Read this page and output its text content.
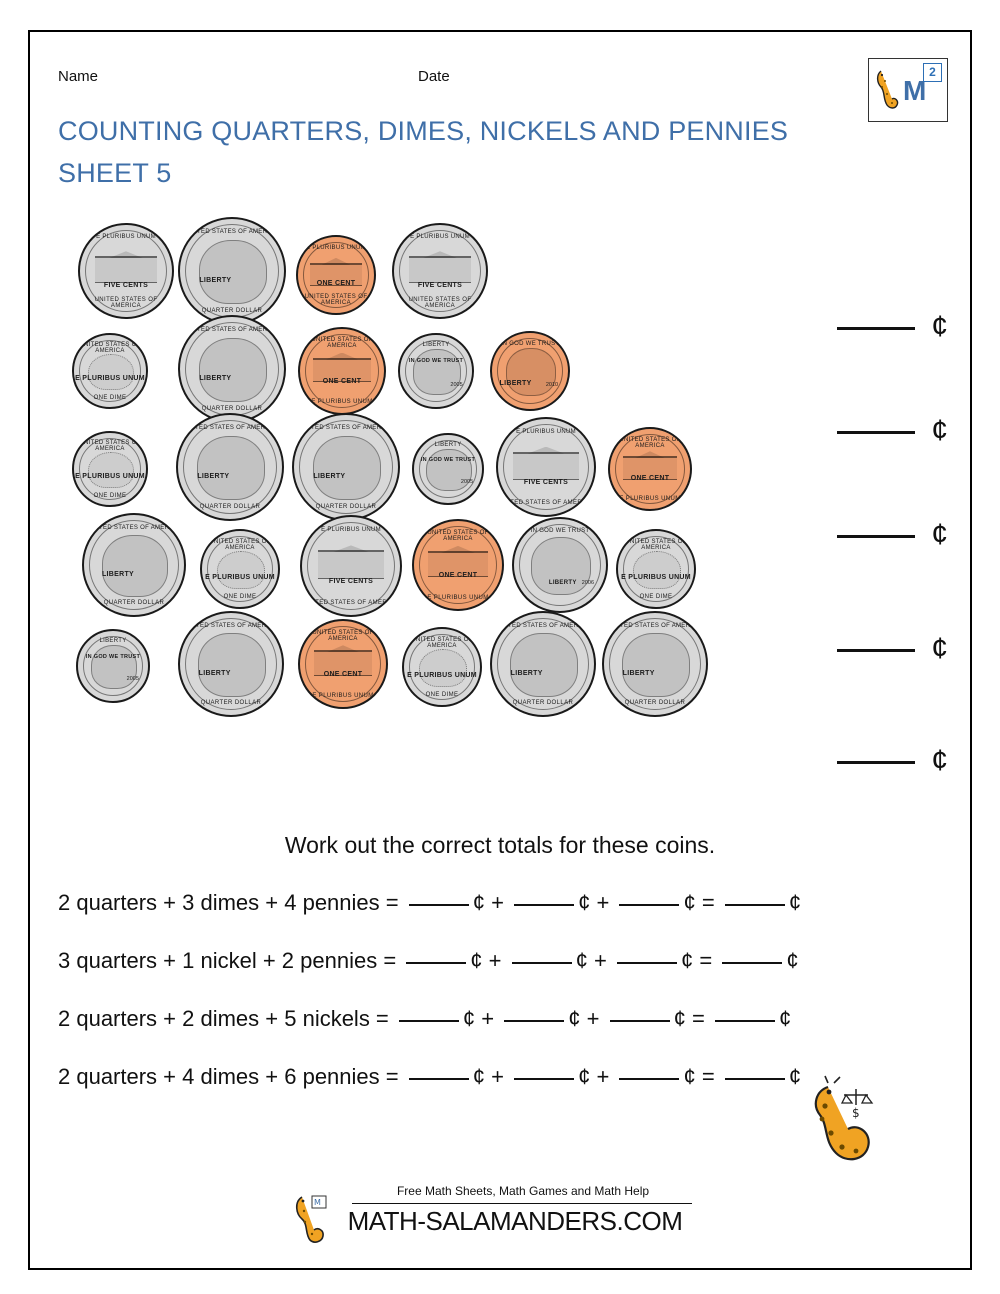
Name	Date
COUNTING QUARTERS, DIMES, NICKELS AND PENNIES SHEET 5
M
2
E PLURIBUS UNUM
FIVE CENTS
UNITED STATES OF AMERICA
UNITED STATES OF AMERICA
LIBERTY
QUARTER DOLLAR
E PLURIBUS UNUM
ONE CENT
UNITED STATES OF AMERICA
E PLURIBUS UNUM
FIVE CENTS
UNITED STATES OF AMERICA
UNITED STATES OF AMERICA
E PLURIBUS UNUM
ONE DIME
UNITED STATES OF AMERICA
LIBERTY
QUARTER DOLLAR
UNITED STATES OF AMERICA
ONE CENT
E PLURIBUS UNUM
LIBERTY
IN GOD WE TRUST
2005
IN GOD WE TRUST
LIBERTY	2010
UNITED STATES OF AMERICA
E PLURIBUS UNUM
ONE DIME
UNITED STATES OF AMERICA
LIBERTY
QUARTER DOLLAR
UNITED STATES OF AMERICA
LIBERTY
QUARTER DOLLAR
LIBERTY
IN GOD WE TRUST
2005
E PLURIBUS UNUM
FIVE CENTS
UNITED STATES OF AMERICA
UNITED STATES OF AMERICA
ONE CENT
E PLURIBUS UNUM
UNITED STATES OF AMERICA
LIBERTY
QUARTER DOLLAR
UNITED STATES OF AMERICA
E PLURIBUS UNUM
ONE DIME
E PLURIBUS UNUM
FIVE CENTS
UNITED STATES OF AMERICA
UNITED STATES OF AMERICA
ONE CENT
E PLURIBUS UNUM
IN GOD WE TRUST
LIBERTY 2006
UNITED STATES OF AMERICA
E PLURIBUS UNUM
ONE DIME
LIBERTY
IN GOD WE TRUST
2005
UNITED STATES OF AMERICA
LIBERTY
QUARTER DOLLAR
UNITED STATES OF AMERICA
ONE CENT
E PLURIBUS UNUM
UNITED STATES OF AMERICA
E PLURIBUS UNUM
ONE DIME
UNITED STATES OF AMERICA
LIBERTY
QUARTER DOLLAR
UNITED STATES OF AMERICA
LIBERTY
QUARTER DOLLAR
¢
¢
¢
¢
¢
Work out the correct totals for these coins.
2 quarters + 3 dimes + 4 pennies =	¢ +	¢ +	¢ =	¢
3 quarters + 1 nickel + 2 pennies =	¢ +	¢ +	¢ =	¢
2 quarters + 2 dimes + 5 nickels =	¢ +	¢ +	¢ =	¢
2 quarters + 4 dimes + 6 pennies =	¢ +	¢ +	¢ =	¢
$
M
Free Math Sheets, Math Games and Math Help
MATH-SALAMANDERS.COM
